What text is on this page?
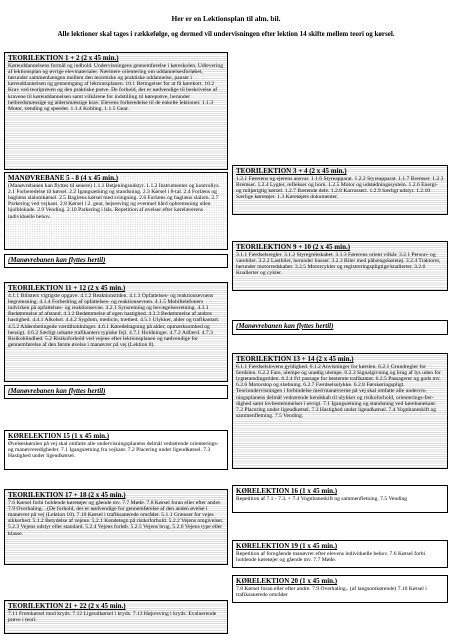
Her er en Lektionsplan til alm. bil.
Alle lektioner skal tages i rækkefølge, og dermed vil undervisningen efter lektion 14 skifte mellem teori og kørsel.
TEORILEKTION 1 + 2 (2 x 45 min.)
Køreuddannelsens formål og indhold. Undervisningens gennemførelse i køreskolen. Udlevering af lektionsplan og øvrige elevmaterialer. Nærmere orientering om uddannelsesforløbet, herunder sammenhængen mellem den teoretiske og praktiske uddannelse, pauser i køreuddannelsen og gennemgang af lektionsplanen. 10.1 Betingelser for at få kørekort. 10.2 Krav ved teoriprøven og den praktiske prøve. De forhold, der er nødvendige til beskrivelse af kravene til køreuddannelsen samt vilkårene for indstilling til køreprøve, herunder helbredsmæssige og aldersmæssige krav. Elevens forberedelse til de enkelte lektioner. 1.1.3 Motor, tænding og speeder. 1.1.4 Kobling. 1.1.5 Gear.
MANØVREBANE 5 - 8 (4 x 45 min.)
(Manøvrebanen kan flyttes til senere) 1.1.1 Betjeningsudstyr. 1.1.2 Instrumenter og kontrollys. 2.1 Forberedelse til kørsel. 2.2 Igangsætning og standsning. 2.3 Kørsel i 8-tal. 2.4 Forlæns og baglæns slalomkørsel. 2.5 Baglæns kørsel med svingning. 2.6 Forlæns og baglæns slalom. 2.7 Parkering ved vejkant. 2.8 Kørsel i 2. gear, hejsesving og eventuel hård opbremsning uden hjulblokade. 2.9 Vending. 2.10 Parkering i bås. Repetition af øvelser efter kørelærerens individuelle behov.
(Manøvrebanen kan flyttes hertil)
TEORILEKTION 11 + 12 (2 x 45 min.)
4.1.1 Bilisters vigtigste opgave. 4.1.2 Reaktionstiden. 4.1.3 Opfattelses- og reaktionsevnens begrænsning. 4.1.4 Forbedring af opfattelses- og reaktionsevnen. 4.1.5 Mobiltelefoners indvirken på opfattelses- og reaktionsevne. 4.2.1 Synsretning og bevægelsesretning. 4.3.1 Bedømmelse af afstand. 4.3.2 Bedømmelse af egen hastighed. 4.3.3 Bedømmelse af andres hastighed. 4.4.1 Alkohol. 4.4.2 Sygdom, medicin, træthed. 4.5.1 Ulykker, alder og trafikantart. 4.5.2 Aldersbetingede værdiholdninger. 4.6.1 Køredeltagning på alder, opmærksomhed og hensigt. 4.6.2 Særligt udsatte trafikanters typiske fejl. 4.7.1 Holdninger. 4.7.2 Adfærd. 4.7.3 Risikoblindhed. 5.2 Risikoforhold ved vejene efter lektionsplanen og nødvendige for gennemførelse af den første øvelse i manøvrer på vej (Lektion 8).
(Manøvrebanen kan flyttes hertil)
KØRELEKTION 15 (1 x 45 min.)
Øvelseskørslen på vej skal omfatte alle undervisningsplanens delmål vedrørende orienterings- og manøvreredigheder. 7.1 Igangsætning fra vejkant. 7.2 Placering under ligeudkørsel. 7.3 Hastighed under ligeudkørsel.
TEORILEKTION 17 + 18 (2 x 45 min.)
7.6 Kørsel forbi holdende køretøjer og gående mv. 7.7 Møde. 7.8 Kørsel foran eller efter andre. 7.9 Overhaling. . (De forhold, der er nødvendige for gennemførelse af den anden øvelse i manøvrer på vej (Lektion 10). 7.10 Kørsel i trafiksanerede områder. 5.1.1 Grænser for vejes sikkerhed. 5.1.2 Betydelse af vejene. 5.2.1 Kendetegn på risikoforhold. 5.2.2 Vejens omgivelser. 5.2.3 Vejens udstyr eller standard. 5.2.4 Vejens forløb. 5.2.5 Vejens brug. 5.2.6 Vejens type eller klasse.
TEORILEKTION 21 + 22 (2 x 45 min.)
7.11 Fremkørsel mod kryds. 7.12 Ligeudkørsel i kryds. 7.13 Højresving i kryds. Evaluerende prøve i teori.
TEORILEKTION 3 + 4 (2 x 45 min.)
1.2.1 Førerens og ejerens ansvar. 1.1.6 Styreapparat. 1.2.2 Styreapparat. 1.1.7 Bremser. 1.2.3 Bremser. 1.2.4 Lygter, reflekser og horn. 1.2.5 Motor og udstødningssystem. 1.2.6 Energi- og miljørigtig kørsel. 1.2.7 Bærende dele. 1.2.8 Karrosseri. 1.2.9 Særligt udstyr. 1.2.10 Særlige køretøjer. 1.3 Køretøjets dokumenter.
TEORILEKTION 9 + 10 (2 x 45 min.)
3.1.1 Færdselsregler. 3.1.2 Styregrebskabet. 3.1.3 Førerens orient vilkår. 3.2.1 Person- og varebiler. 3.2.2 Lastbiler, herunder busser. 3.2.3 Biler med påhængskøretøj. 3.2.4 Traktorer, herunder motorredskaber. 3.2.5 Motorcykler og registreringspligtige knallerter. 3.2.6 Knallerter og cykler.
(Manøvrebanen kan flyttes hertil)
TEORILEKTION 13 + 14 (2 x 45 min.)
6.1.1 Færdselslovens gyldighed. 6.1.2 Anvisninger for kørslen. 6.2.1 Grundregler for færdslen. 6.2.2 Fare, ulempe og unødig ulempe. 6.2.3 Signalgivning og brug af lys uden for lygtetændingstiden. 6.2.4 Fri passage for bestemte trafikanter. 6.2.5 Passagerer og gods mv. 6.2.6 Motorstop og slæbning. 6.2.7 Færdselsulykke. 6.2.8 Førskøringspligt. Teoriundervisningen i forbindelse med manøvrerne på vej skal omfatte alle undervis-ningsplanens delmål vedrørende kendskab til ulykker og risikoforhold, orienterings-fær-dighed samt lovbestemmelser i øvrigt. 7.1 Igangsætning og standsning ved kørebanekant. 7.2 Placering under ligeudkørsel. 7.3 Hastighed under ligeudkørsel. 7.4 Vognbaneskift og sammenfletning. 7.5 Vending.
KØRELEKTION 16 (1 x 45 min.)
Repetition af 7.1 - 7.3. + 7.4 Vognbaneskift og sammenfletning. 7.5 Vending
KØRELEKTION 19 (1 x 45 min.)
Repetition af foregående manøvrer efter elevens individuelle behov. 7.6 Kørsel forbi holdende køretøjer og gående mv. 7.7 Møde.
KØRELEKTION 20 (1 x 45 min.)
7.8 Kørsel foran eller efter andre. 7.9 Overhaling.. (af langsomkørende) 7.10 Kørsel i trafiksanerede områder
